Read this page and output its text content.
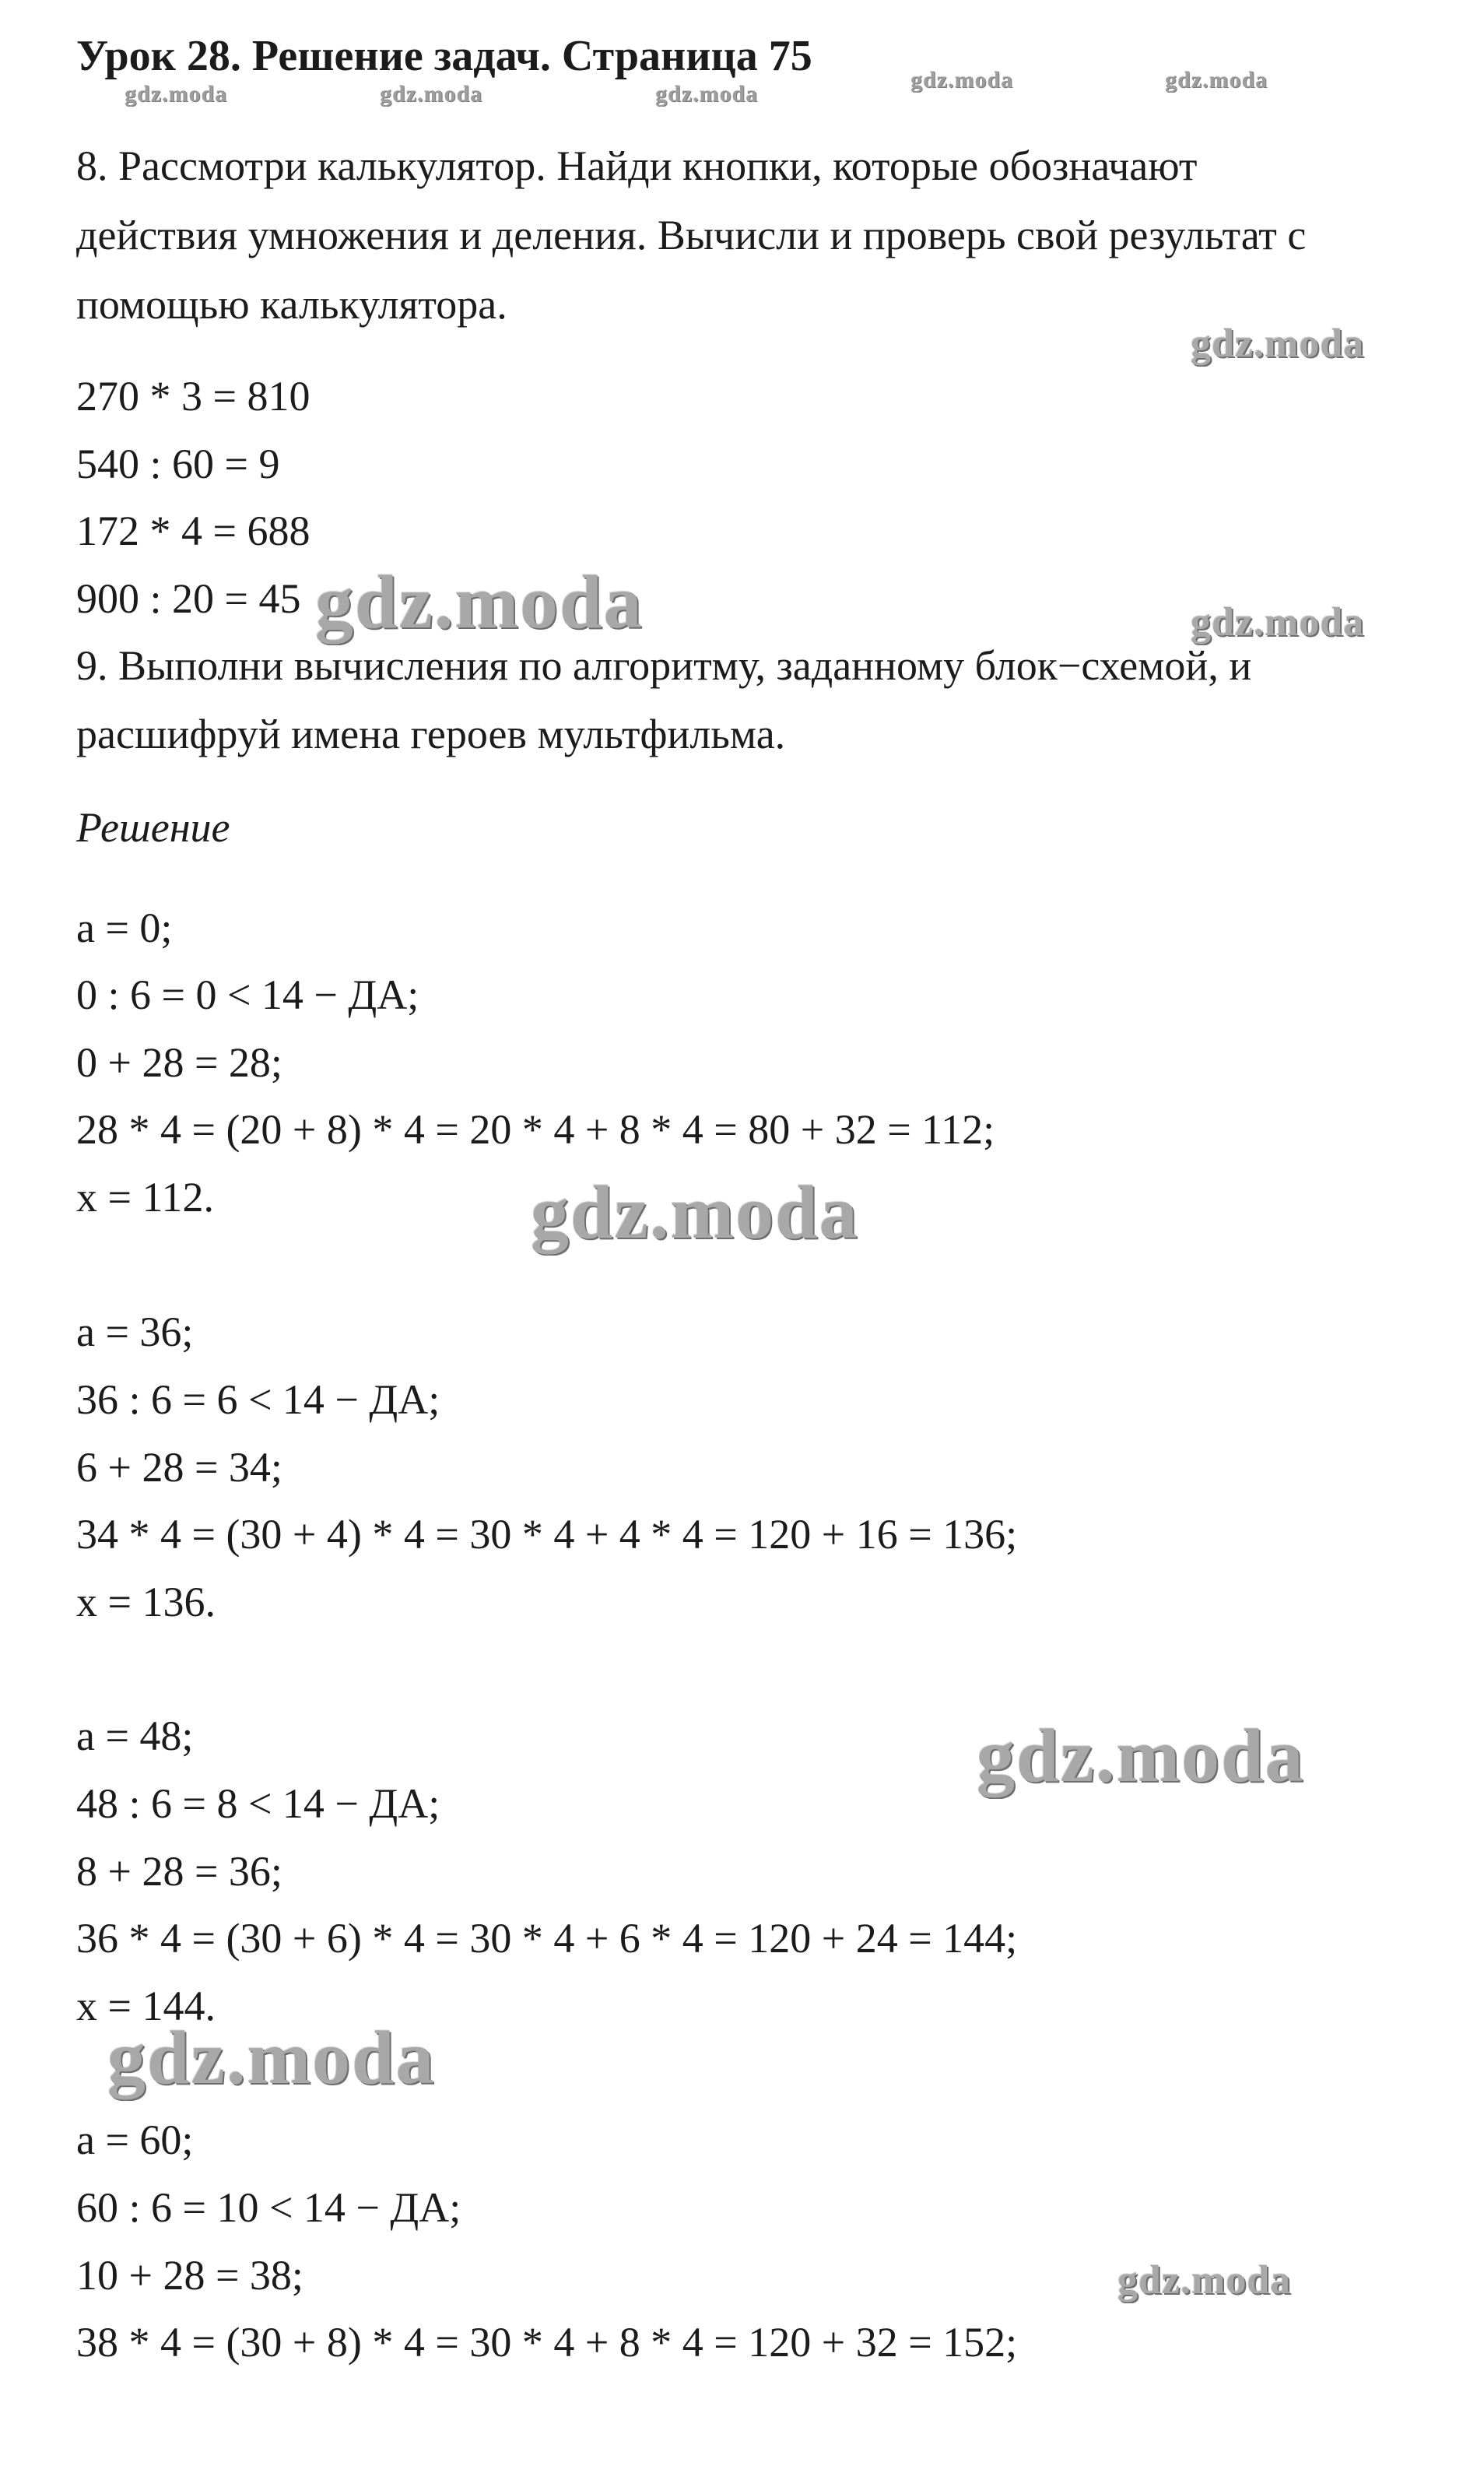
Урок 28. Решение задач. Страница 75
gdz.moda	gdz.moda	gdz.moda
gdz.moda	gdz.moda

8. Рассмотри калькулятор. Найди кнопки, которые обозначают

действия умножения и деления. Вычисли и проверь свой результат с

помощью калькулятора.

gdz.moda

270 * 3 = 810

540 : 60 = 9

172 * 4 = 688

900 : 20 = 45 gdz.moda	gdz.moda

9. Выполни вычисления по алгоритму, заданному блок−схемой, и

расшифруй имена героев мультфильма.

Решение

a = 0;

0 : 6 = 0 < 14 − ДА;

0 + 28 = 28;

28 * 4 = (20 + 8) * 4 = 20 * 4 + 8 * 4 = 80 + 32 = 112;

x = 112.	gdz.moda

a = 36;

36 : 6 = 6 < 14 − ДА;

6 + 28 = 34;

34 * 4 = (30 + 4) * 4 = 30 * 4 + 4 * 4 = 120 + 16 = 136;

x = 136.

a = 48;	gdz.moda

48 : 6 = 8 < 14 − ДА;

8 + 28 = 36;

36 * 4 = (30 + 6) * 4 = 30 * 4 + 6 * 4 = 120 + 24 = 144;

x = 144.

gdz.moda

a = 60;

60 : 6 = 10 < 14 − ДА;

10 + 28 = 38;	gdz.moda

38 * 4 = (30 + 8) * 4 = 30 * 4 + 8 * 4 = 120 + 32 = 152;
